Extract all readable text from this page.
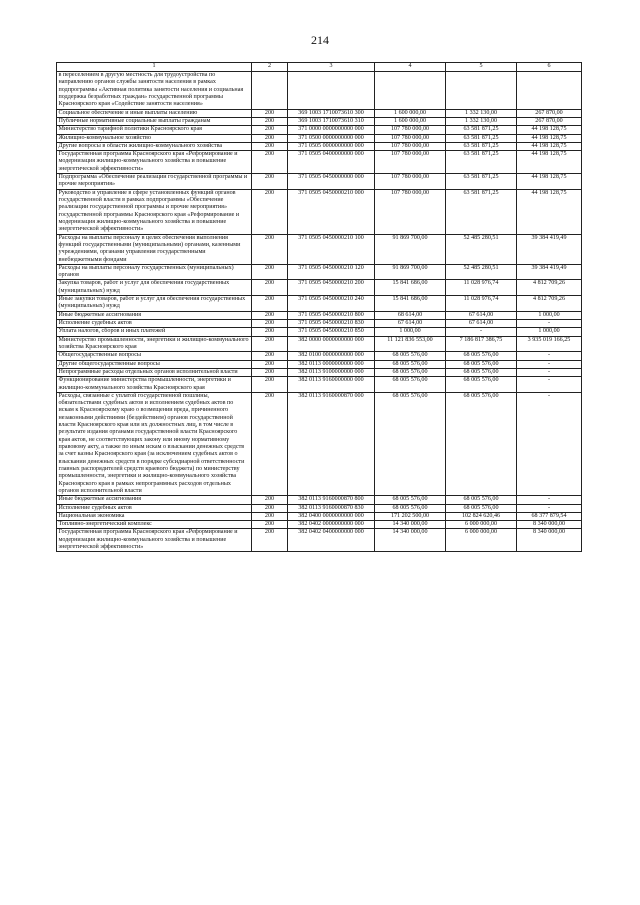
214
1	2	3	4	5	6
в переселением в другую местность для трудоустройства по направлению органов службы занятости населения в рамках подпрограммы «Активная политика занятости населения и социальная поддержка безработных граждан» государственной программы Красноярского края «Содействие занятости населения»					
Социальное обеспечение и иные выплаты населению	200	369 1003 1710073610 300	1 600 000,00	1 332 130,00	267 870,00
Публичные нормативные социальные выплаты гражданам	200	369 1003 1710073610 310	1 600 000,00	1 332 130,00	267 870,00
Министерство тарифной политики Красноярского края	200	371 0000 0000000000 000	107 780 000,00	63 581 871,25	44 198 128,75
Жилищно-коммунальное хозяйство	200	371 0500 0000000000 000	107 780 000,00	63 581 871,25	44 198 128,75
Другие вопросы в области жилищно-коммунального хозяйства	200	371 0505 0000000000 000	107 780 000,00	63 581 871,25	44 198 128,75
Государственная программа Красноярского края «Реформирование и модернизация жилищно-коммунального хозяйства и повышение энергетической эффективности»	200	371 0505 0400000000 000	107 780 000,00	63 581 871,25	44 198 128,75
Подпрограмма «Обеспечение реализации государственной программы и прочие мероприятия»	200	371 0505 0450000000 000	107 780 000,00	63 581 871,25	44 198 128,75
Руководство и управление в сфере установленных функций органов государственной власти в рамках подпрограммы «Обеспечение реализации государственной программы и прочие мероприятия» государственной программы Красноярского края «Реформирование и модернизация жилищно-коммунального хозяйства и повышение энергетической эффективности»	200	371 0505 0450000210 000	107 780 000,00	63 581 871,25	44 198 128,75
Расходы на выплаты персоналу в целях обеспечения выполнения функций государственными (муниципальными) органами, казенными учреждениями, органами управления государственными внебюджетными фондами	200	371 0505 0450000210 100	91 869 700,00	52 485 280,51	39 384 419,49
Расходы на выплаты персоналу государственных (муниципальных) органов	200	371 0505 0450000210 120	91 869 700,00	52 485 280,51	39 384 419,49
Закупка товаров, работ и услуг для обеспечения государственных (муниципальных) нужд	200	371 0505 0450000210 200	15 841 686,00	11 028 976,74	4 812 709,26
Иные закупки товаров, работ и услуг для обеспечения государственных (муниципальных) нужд	200	371 0505 0450000210 240	15 841 686,00	11 028 976,74	4 812 709,26
Иные бюджетные ассигнования	200	371 0505 0450000210 800	68 614,00	67 614,00	1 000,00
Исполнение судебных актов	200	371 0505 0450000210 830	67 614,00	67 614,00	-
Уплата налогов, сборов и иных платежей	200	371 0505 0450000210 850	1 000,00	-	1 000,00
Министерство промышленности, энергетики и жилищно-коммунального хозяйства Красноярского края	200	382 0000 0000000000 000	11 121 836 553,00	7 186 817 386,75	3 935 019 166,25
Общегосударственные вопросы	200	382 0100 0000000000 000	68 005 576,00	68 005 576,00	-
Другие общегосударственные вопросы	200	382 0113 0000000000 000	68 005 576,00	68 005 576,00	-
Непрограммные расходы отдельных органов исполнительной власти	200	382 0113 9100000000 000	68 005 576,00	68 005 576,00	-
Функционирование министерства промышленности, энергетики и жилищно-коммунального хозяйства Красноярского края	200	382 0113 9160000000 000	68 005 576,00	68 005 576,00	-
Расходы, связанные с уплатой государственной пошлины, обязательствами судебных актов и исполнением судебных актов по искам к Красноярскому краю о возмещении вреда, причиненного незаконными действиями (бездействием) органов государственной власти Красноярского края или их должностных лиц, в том числе в результате издания органами государственной власти Красноярского края актов, не соответствующих закону или иному нормативному правовому акту, а также по иным искам о взыскании денежных средств за счет казны Красноярского края (за исключением судебных актов о взыскании денежных средств в порядке субсидиарной ответственности главных распорядителей средств краевого бюджета) по министерству промышленности, энергетики и жилищно-коммунального хозяйства Красноярского края в рамках непрограммных расходов отдельных органов исполнительной власти	200	382 0113 9160000870 000	68 005 576,00	68 005 576,00	-
Иные бюджетные ассигнования	200	382 0113 9160000870 800	68 005 576,00	68 005 576,00	-
Исполнение судебных актов	200	382 0113 9160000870 830	68 005 576,00	68 005 576,00	-
Национальная экономика	200	382 0400 0000000000 000	171 202 500,00	102 824 620,46	68 377 879,54
Топливно-энергетический комплекс	200	382 0402 0000000000 000	14 340 000,00	6 000 000,00	8 340 000,00
Государственная программа Красноярского края «Реформирование и модернизация жилищно-коммунального хозяйства и повышение энергетической эффективности»	200	382 0402 0400000000 000	14 340 000,00	6 000 000,00	8 340 000,00
